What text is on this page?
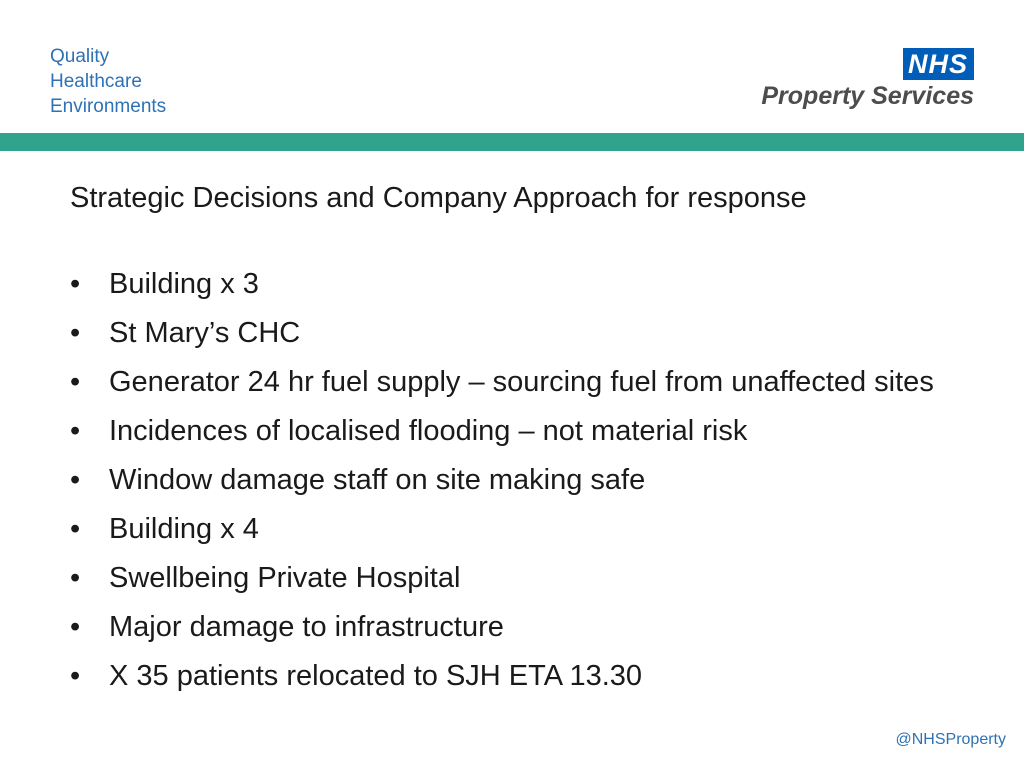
Quality
Healthcare
Environments
NHS
Property Services
Strategic Decisions and Company Approach for response
• Building x 3
• St Mary’s CHC
• Generator 24 hr fuel supply – sourcing fuel from unaffected sites
• Incidences of localised flooding – not material risk
• Window damage staff on site making safe
• Building x 4
• Swellbeing Private Hospital
• Major damage to infrastructure
• X 35 patients relocated to SJH ETA 13.30
@NHSProperty
